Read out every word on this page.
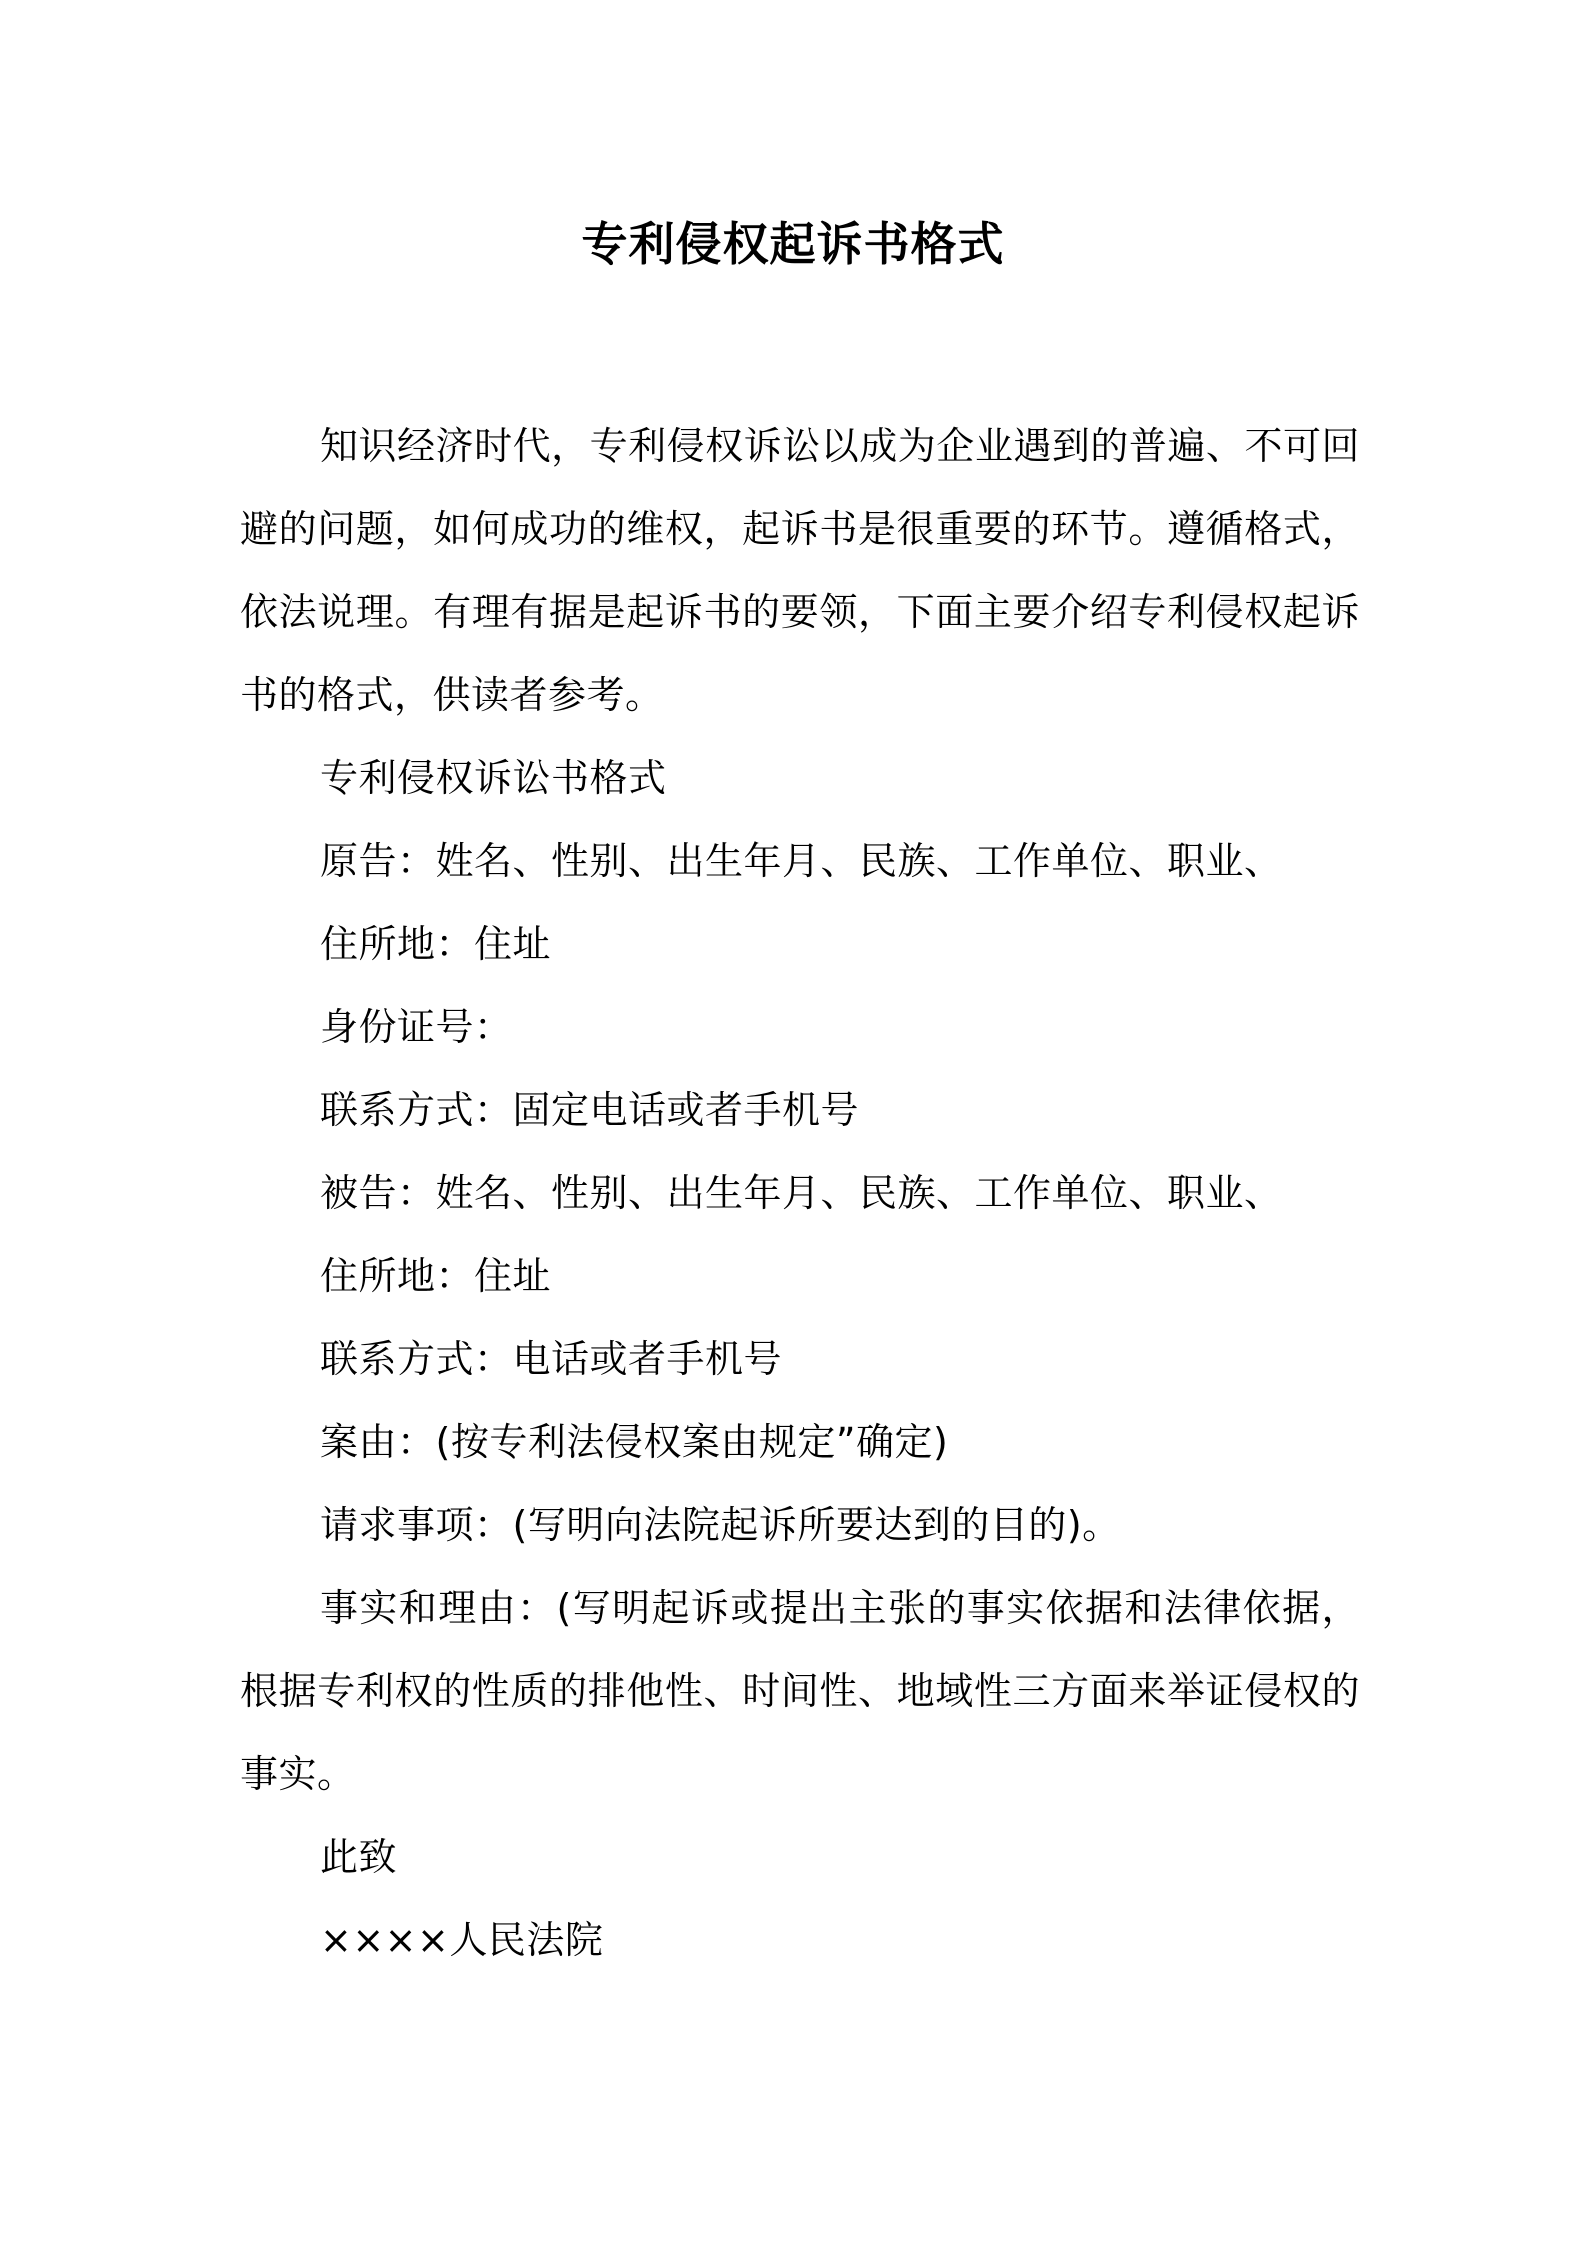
专利侵权起诉书格式

知识经济时代，专利侵权诉讼以成为企业遇到的普遍、不可回避的问题，如何成功的维权，起诉书是很重要的环节。遵循格式，依法说理。有理有据是起诉书的要领，下面主要介绍专利侵权起诉书的格式，供读者参考。

专利侵权诉讼书格式

原告：姓名、性别、出生年月、民族、工作单位、职业、

住所地：住址

身份证号：

联系方式：固定电话或者手机号

被告：姓名、性别、出生年月、民族、工作单位、职业、

住所地：住址

联系方式：电话或者手机号

案由：(按专利法侵权案由规定”确定)

请求事项：(写明向法院起诉所要达到的目的)。

事实和理由：(写明起诉或提出主张的事实依据和法律依据，根据专利权的性质的排他性、时间性、地域性三方面来举证侵权的事实。

此致

××××人民法院
